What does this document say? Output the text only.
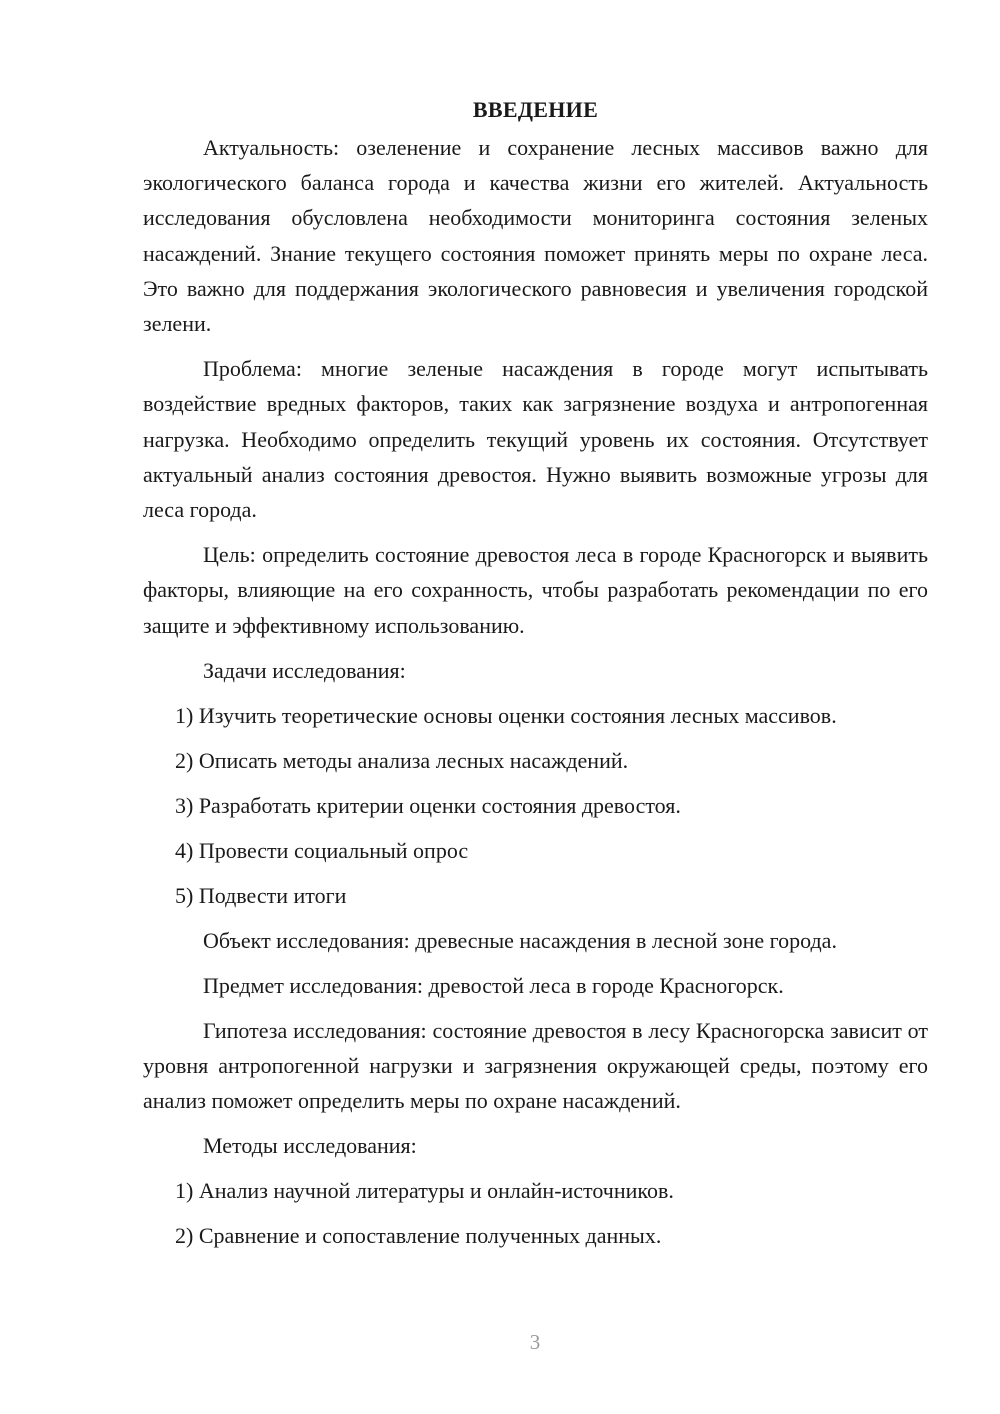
ВВЕДЕНИЕ

Актуальность: озеленение и сохранение лесных массивов важно для экологического баланса города и качества жизни его жителей. Актуальность исследования обусловлена необходимости мониторинга состояния зеленых насаждений. Знание текущего состояния поможет принять меры по охране леса. Это важно для поддержания экологического равновесия и увеличения городской зелени.

Проблема: многие зеленые насаждения в городе могут испытывать воздействие вредных факторов, таких как загрязнение воздуха и антропогенная нагрузка. Необходимо определить текущий уровень их состояния. Отсутствует актуальный анализ состояния древостоя. Нужно выявить возможные угрозы для леса города.

Цель: определить состояние древостоя леса в городе Красногорск и выявить факторы, влияющие на его сохранность, чтобы разработать рекомендации по его защите и эффективному использованию.

Задачи исследования:
1) Изучить теоретические основы оценки состояния лесных массивов.
2) Описать методы анализа лесных насаждений.
3) Разработать критерии оценки состояния древостоя.
4) Провести социальный опрос
5) Подвести итоги
Объект исследования: древесные насаждения в лесной зоне города.
Предмет исследования: древостой леса в городе Красногорск.

Гипотеза исследования: состояние древостоя в лесу Красногорска зависит от уровня антропогенной нагрузки и загрязнения окружающей среды, поэтому его анализ поможет определить меры по охране насаждений.

Методы исследования:
1) Анализ научной литературы и онлайн-источников.
2) Сравнение и сопоставление полученных данных.
3
